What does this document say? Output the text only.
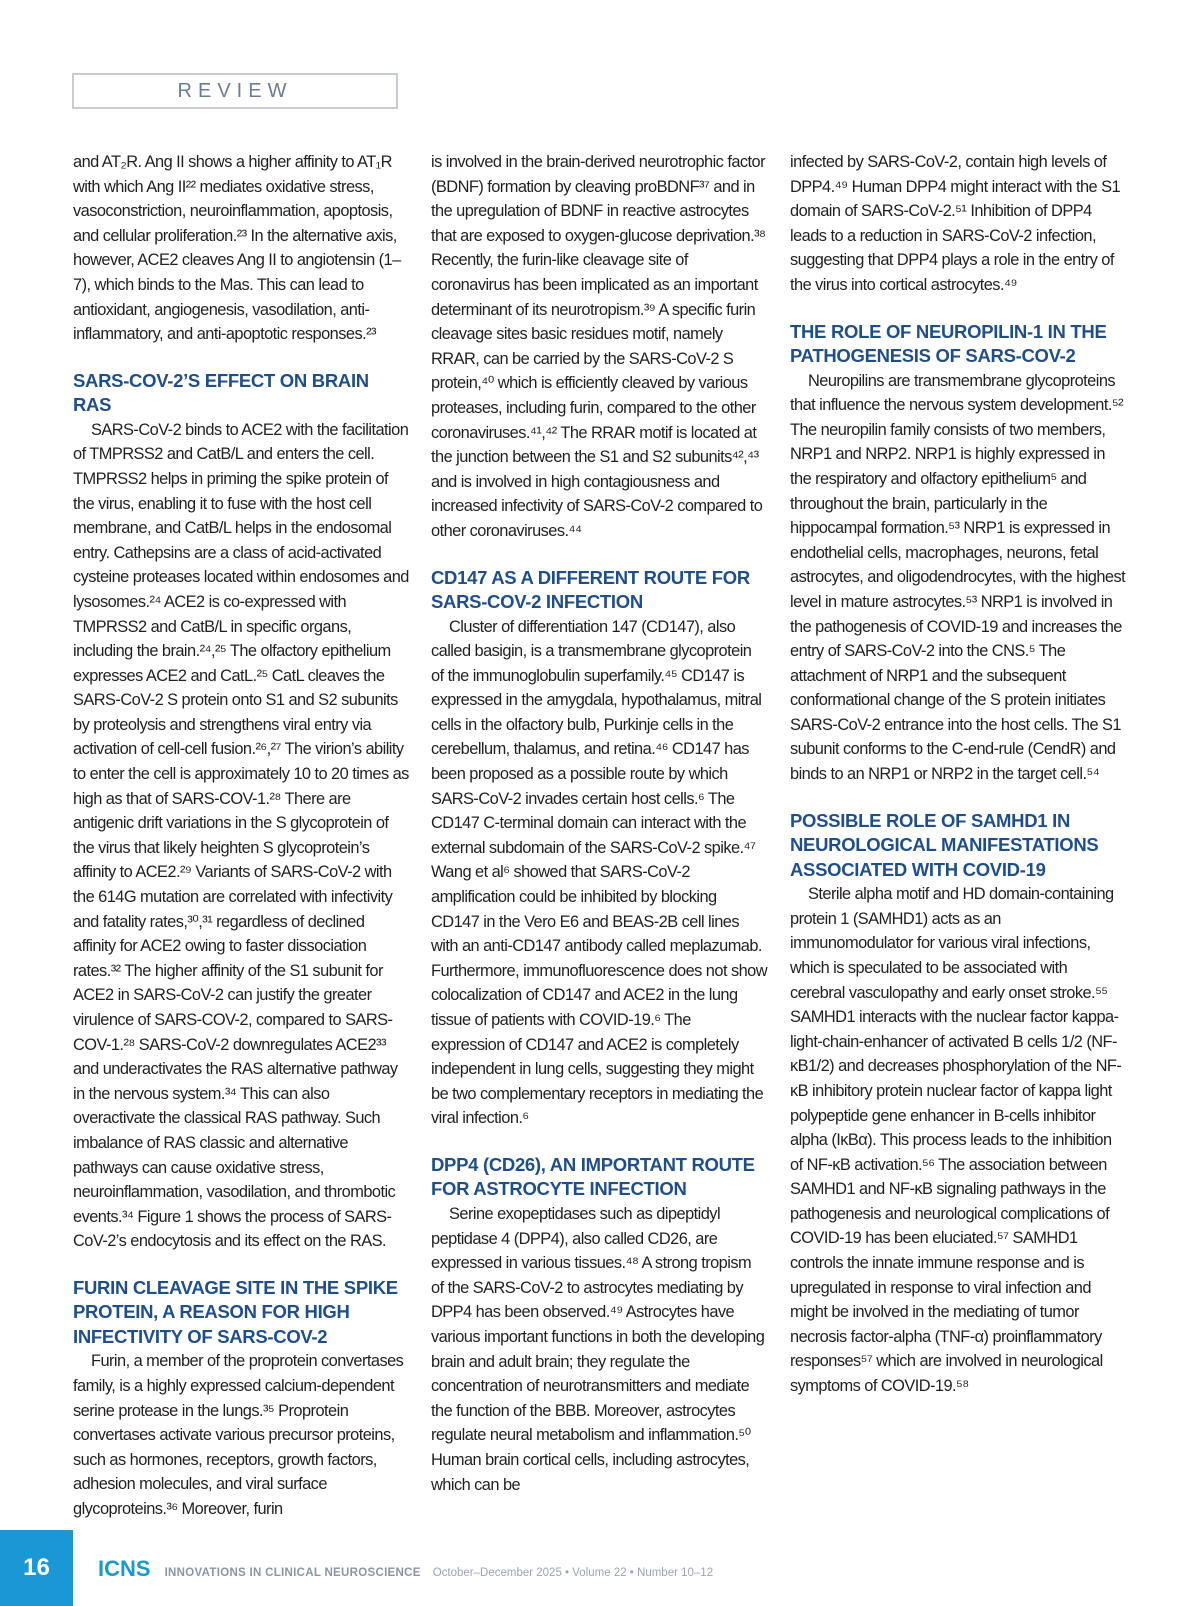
REVIEW

and AT₂R. Ang II shows a higher affinity to AT₁R with which Ang II²² mediates oxidative stress, vasoconstriction, neuroinflammation, apoptosis, and cellular proliferation.²³ In the alternative axis, however, ACE2 cleaves Ang II to angiotensin (1–7), which binds to the Mas. This can lead to antioxidant, angiogenesis, vasodilation, anti-inflammatory, and anti-apoptotic responses.²³

SARS-COV-2’S EFFECT ON BRAIN RAS

SARS-CoV-2 binds to ACE2 with the facilitation of TMPRSS2 and CatB/L and enters the cell. TMPRSS2 helps in priming the spike protein of the virus, enabling it to fuse with the host cell membrane, and CatB/L helps in the endosomal entry. Cathepsins are a class of acid-activated cysteine proteases located within endosomes and lysosomes.²⁴ ACE2 is co-expressed with TMPRSS2 and CatB/L in specific organs, including the brain.²⁴,²⁵ The olfactory epithelium expresses ACE2 and CatL.²⁵ CatL cleaves the SARS-CoV-2 S protein onto S1 and S2 subunits by proteolysis and strengthens viral entry via activation of cell-cell fusion.²⁶,²⁷ The virion’s ability to enter the cell is approximately 10 to 20 times as high as that of SARS-COV-1.²⁸ There are antigenic drift variations in the S glycoprotein of the virus that likely heighten S glycoprotein’s affinity to ACE2.²⁹ Variants of SARS-CoV-2 with the 614G mutation are correlated with infectivity and fatality rates,³⁰,³¹ regardless of declined affinity for ACE2 owing to faster dissociation rates.³² The higher affinity of the S1 subunit for ACE2 in SARS-CoV-2 can justify the greater virulence of SARS-COV-2, compared to SARS-COV-1.²⁸ SARS-CoV-2 downregulates ACE2³³ and underactivates the RAS alternative pathway in the nervous system.³⁴ This can also overactivate the classical RAS pathway. Such imbalance of RAS classic and alternative pathways can cause oxidative stress, neuroinflammation, vasodilation, and thrombotic events.³⁴ Figure 1 shows the process of SARS-CoV-2’s endocytosis and its effect on the RAS.

FURIN CLEAVAGE SITE IN THE SPIKE PROTEIN, A REASON FOR HIGH INFECTIVITY OF SARS-COV-2

Furin, a member of the proprotein convertases family, is a highly expressed calcium-dependent serine protease in the lungs.³⁵ Proprotein convertases activate various precursor proteins, such as hormones, receptors, growth factors, adhesion molecules, and viral surface glycoproteins.³⁶ Moreover, furin

is involved in the brain-derived neurotrophic factor (BDNF) formation by cleaving proBDNF³⁷ and in the upregulation of BDNF in reactive astrocytes that are exposed to oxygen-glucose deprivation.³⁸ Recently, the furin-like cleavage site of coronavirus has been implicated as an important determinant of its neurotropism.³⁹ A specific furin cleavage sites basic residues motif, namely RRAR, can be carried by the SARS-CoV-2 S protein,⁴⁰ which is efficiently cleaved by various proteases, including furin, compared to the other coronaviruses.⁴¹,⁴² The RRAR motif is located at the junction between the S1 and S2 subunits⁴²,⁴³ and is involved in high contagiousness and increased infectivity of SARS-CoV-2 compared to other coronaviruses.⁴⁴

CD147 AS A DIFFERENT ROUTE FOR SARS-COV-2 INFECTION

Cluster of differentiation 147 (CD147), also called basigin, is a transmembrane glycoprotein of the immunoglobulin superfamily.⁴⁵ CD147 is expressed in the amygdala, hypothalamus, mitral cells in the olfactory bulb, Purkinje cells in the cerebellum, thalamus, and retina.⁴⁶ CD147 has been proposed as a possible route by which SARS-CoV-2 invades certain host cells.⁶ The CD147 C-terminal domain can interact with the external subdomain of the SARS-CoV-2 spike.⁴⁷ Wang et al⁶ showed that SARS-CoV-2 amplification could be inhibited by blocking CD147 in the Vero E6 and BEAS-2B cell lines with an anti-CD147 antibody called meplazumab. Furthermore, immunofluorescence does not show colocalization of CD147 and ACE2 in the lung tissue of patients with COVID-19.⁶ The expression of CD147 and ACE2 is completely independent in lung cells, suggesting they might be two complementary receptors in mediating the viral infection.⁶

DPP4 (CD26), AN IMPORTANT ROUTE FOR ASTROCYTE INFECTION

Serine exopeptidases such as dipeptidyl peptidase 4 (DPP4), also called CD26, are expressed in various tissues.⁴⁸ A strong tropism of the SARS-CoV-2 to astrocytes mediating by DPP4 has been observed.⁴⁹ Astrocytes have various important functions in both the developing brain and adult brain; they regulate the concentration of neurotransmitters and mediate the function of the BBB. Moreover, astrocytes regulate neural metabolism and inflammation.⁵⁰ Human brain cortical cells, including astrocytes, which can be

infected by SARS-CoV-2, contain high levels of DPP4.⁴⁹ Human DPP4 might interact with the S1 domain of SARS-CoV-2.⁵¹ Inhibition of DPP4 leads to a reduction in SARS-CoV-2 infection, suggesting that DPP4 plays a role in the entry of the virus into cortical astrocytes.⁴⁹

THE ROLE OF NEUROPILIN-1 IN THE PATHOGENESIS OF SARS-COV-2

Neuropilins are transmembrane glycoproteins that influence the nervous system development.⁵² The neuropilin family consists of two members, NRP1 and NRP2. NRP1 is highly expressed in the respiratory and olfactory epithelium⁵ and throughout the brain, particularly in the hippocampal formation.⁵³ NRP1 is expressed in endothelial cells, macrophages, neurons, fetal astrocytes, and oligodendrocytes, with the highest level in mature astrocytes.⁵³ NRP1 is involved in the pathogenesis of COVID-19 and increases the entry of SARS-CoV-2 into the CNS.⁵ The attachment of NRP1 and the subsequent conformational change of the S protein initiates SARS-CoV-2 entrance into the host cells. The S1 subunit conforms to the C-end-rule (CendR) and binds to an NRP1 or NRP2 in the target cell.⁵⁴

POSSIBLE ROLE OF SAMHD1 IN NEUROLOGICAL MANIFESTATIONS ASSOCIATED WITH COVID-19

Sterile alpha motif and HD domain-containing protein 1 (SAMHD1) acts as an immunomodulator for various viral infections, which is speculated to be associated with cerebral vasculopathy and early onset stroke.⁵⁵ SAMHD1 interacts with the nuclear factor kappa-light-chain-enhancer of activated B cells 1/2 (NF-κB1/2) and decreases phosphorylation of the NF-κB inhibitory protein nuclear factor of kappa light polypeptide gene enhancer in B-cells inhibitor alpha (IκBα). This process leads to the inhibition of NF-κB activation.⁵⁶ The association between SAMHD1 and NF-κB signaling pathways in the pathogenesis and neurological complications of COVID-19 has been eluciated.⁵⁷ SAMHD1 controls the innate immune response and is upregulated in response to viral infection and might be involved in the mediating of tumor necrosis factor-alpha (TNF-α) proinflammatory responses⁵⁷ which are involved in neurological symptoms of COVID-19.⁵⁸

16 ICNS INNOVATIONS IN CLINICAL NEUROSCIENCE October–December 2025 • Volume 22 • Number 10–12
